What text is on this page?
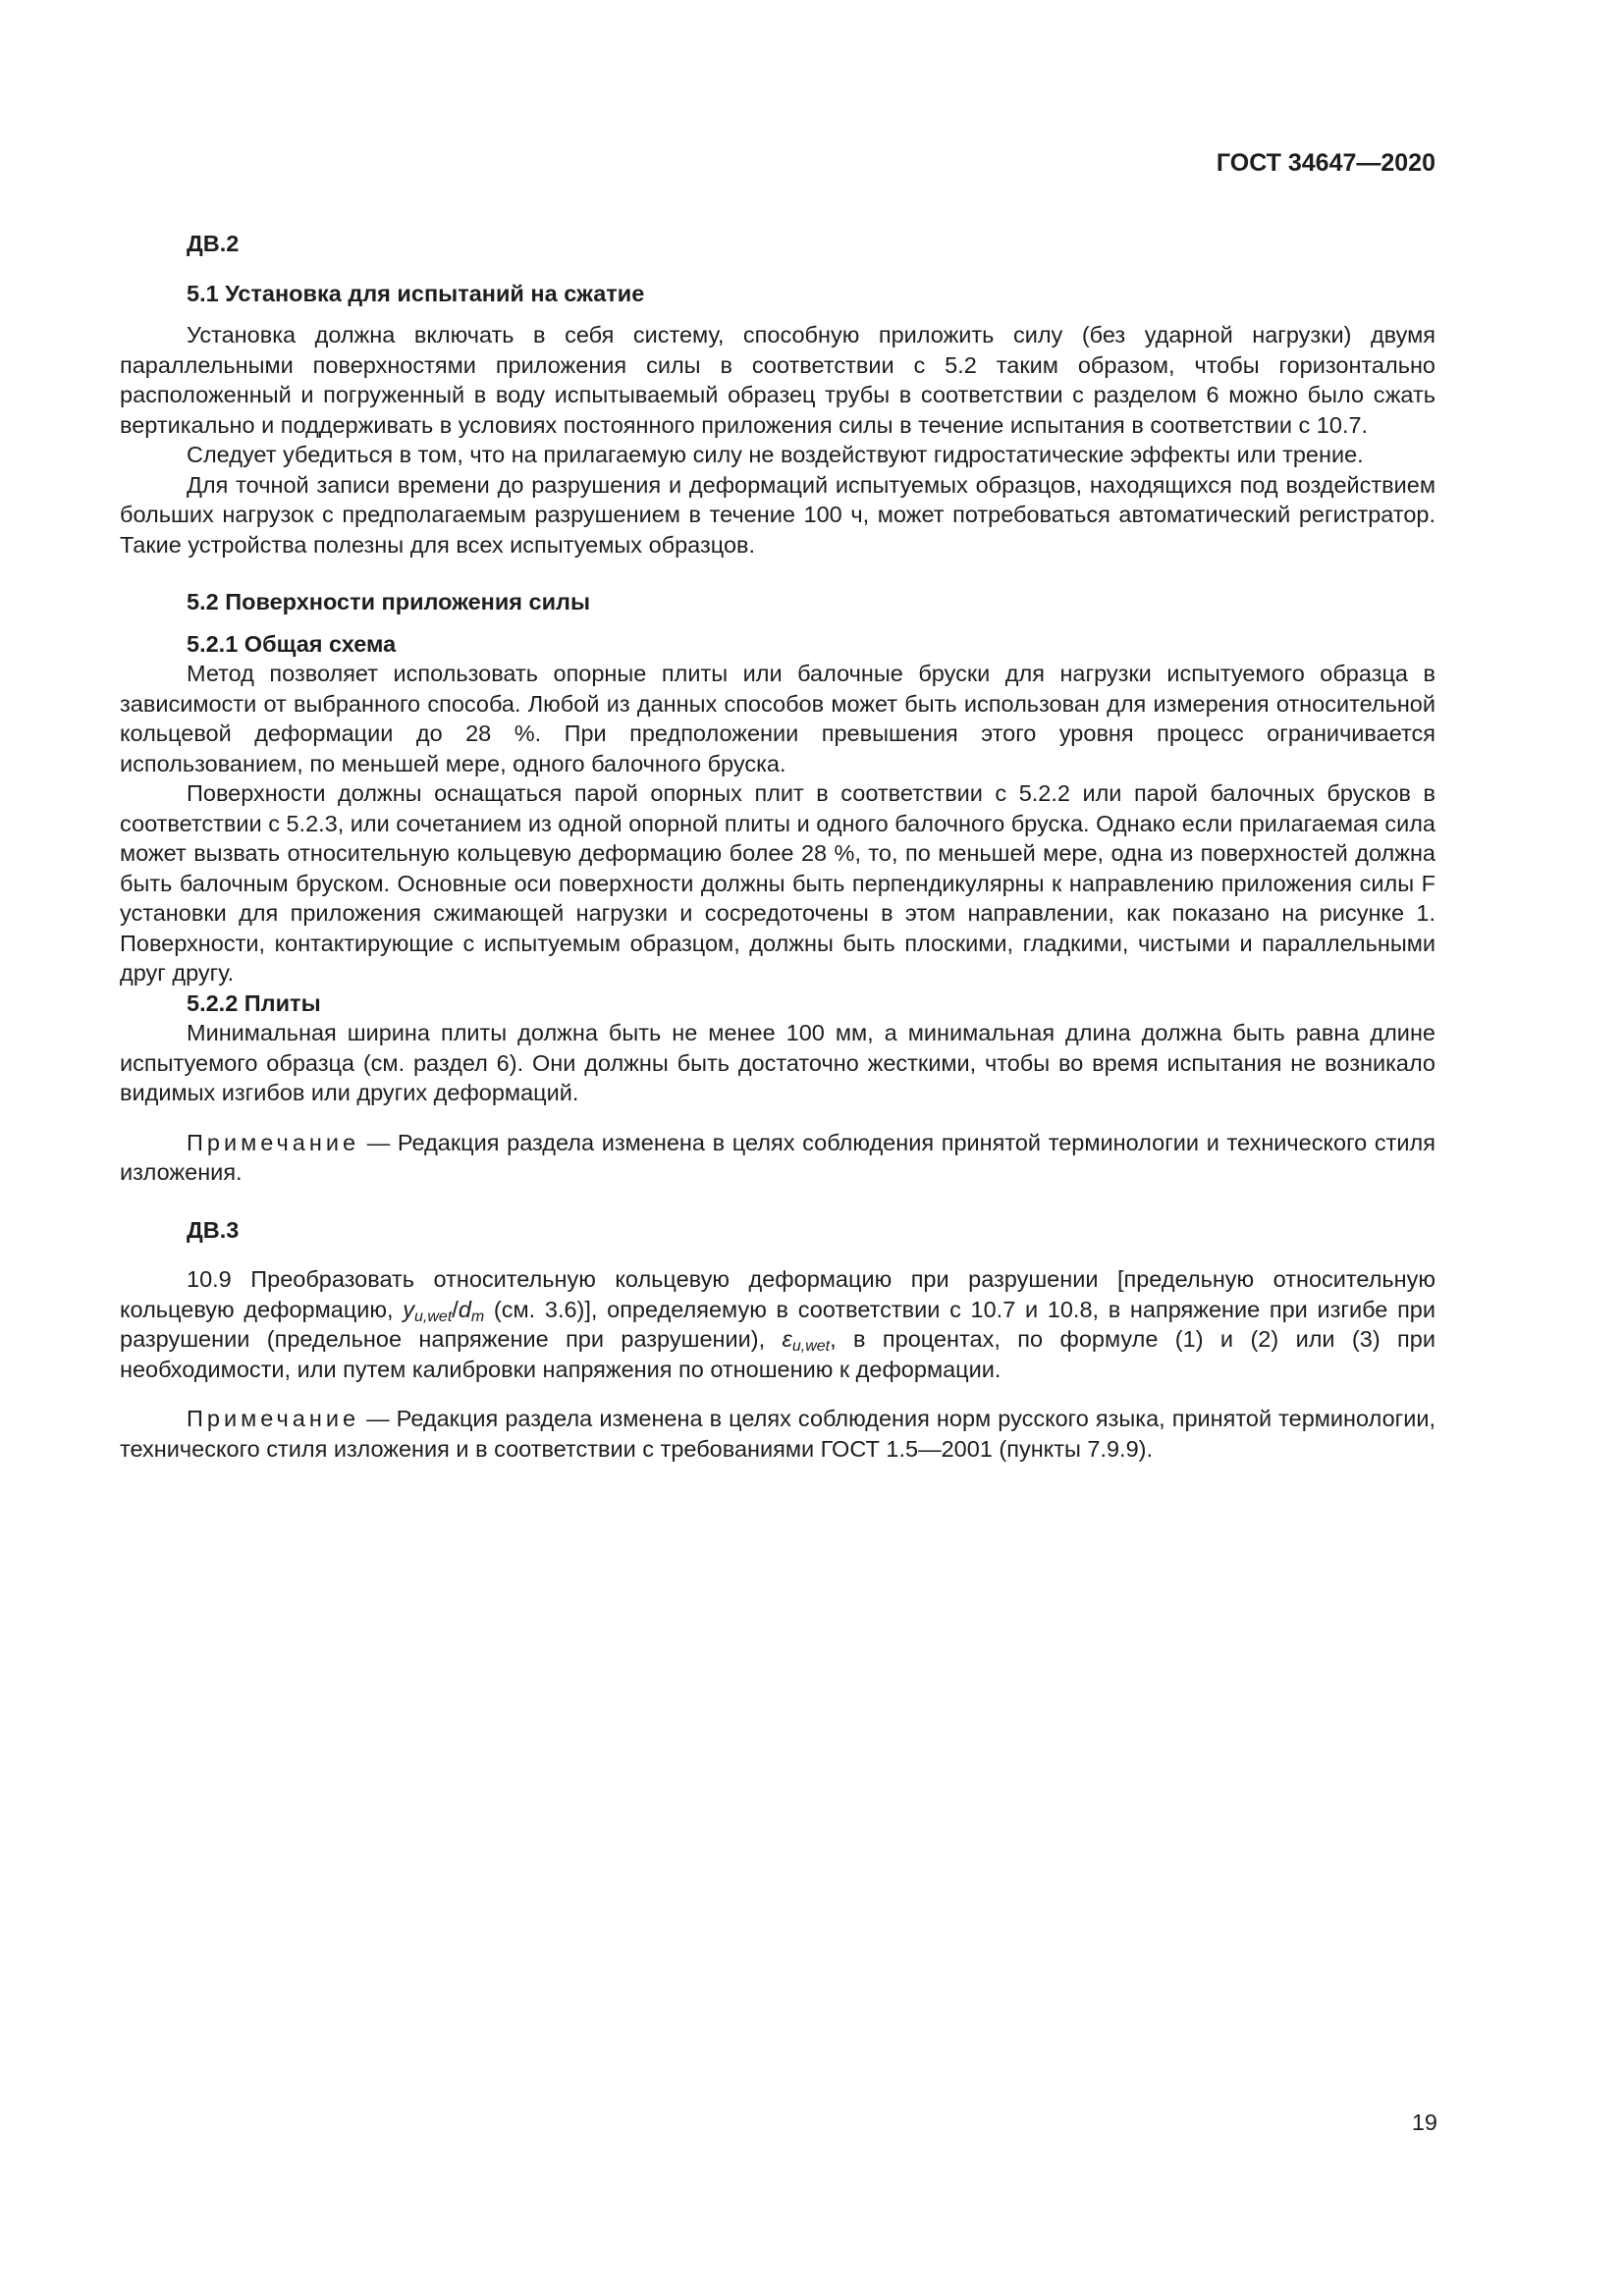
ГОСТ 34647—2020

ДВ.2

5.1 Установка для испытаний на сжатие

Установка должна включать в себя систему, способную приложить силу (без ударной нагрузки) двумя параллельными поверхностями приложения силы в соответствии с 5.2 таким образом, чтобы горизонтально расположенный и погруженный в воду испытываемый образец трубы в соответствии с разделом 6 можно было сжать вертикально и поддерживать в условиях постоянного приложения силы в течение испытания в соответствии с 10.7.

Следует убедиться в том, что на прилагаемую силу не воздействуют гидростатические эффекты или трение.

Для точной записи времени до разрушения и деформаций испытуемых образцов, находящихся под воздействием больших нагрузок с предполагаемым разрушением в течение 100 ч, может потребоваться автоматический регистратор. Такие устройства полезны для всех испытуемых образцов.

5.2 Поверхности приложения силы

5.2.1 Общая схема

Метод позволяет использовать опорные плиты или балочные бруски для нагрузки испытуемого образца в зависимости от выбранного способа. Любой из данных способов может быть использован для измерения относительной кольцевой деформации до 28 %. При предположении превышения этого уровня процесс ограничивается использованием, по меньшей мере, одного балочного бруска.

Поверхности должны оснащаться парой опорных плит в соответствии с 5.2.2 или парой балочных брусков в соответствии с 5.2.3, или сочетанием из одной опорной плиты и одного балочного бруска. Однако если прилагаемая сила может вызвать относительную кольцевую деформацию более 28 %, то, по меньшей мере, одна из поверхностей должна быть балочным бруском. Основные оси поверхности должны быть перпендикулярны к направлению приложения силы F установки для приложения сжимающей нагрузки и сосредоточены в этом направлении, как показано на рисунке 1. Поверхности, контактирующие с испытуемым образцом, должны быть плоскими, гладкими, чистыми и параллельными друг другу.

5.2.2 Плиты

Минимальная ширина плиты должна быть не менее 100 мм, а минимальная длина должна быть равна длине испытуемого образца (см. раздел 6). Они должны быть достаточно жесткими, чтобы во время испытания не возникало видимых изгибов или других деформаций.

Примечание — Редакция раздела изменена в целях соблюдения принятой терминологии и технического стиля изложения.

ДВ.3

10.9 Преобразовать относительную кольцевую деформацию при разрушении [предельную относительную кольцевую деформацию, $y_{u,wet}/d_m$ (см. 3.6)], определяемую в соответствии с 10.7 и 10.8, в напряжение при изгибе при разрушении (предельное напряжение при разрушении), $\varepsilon_{u,wet}$, в процентах, по формуле (1) и (2) или (3) при необходимости, или путем калибровки напряжения по отношению к деформации.

Примечание — Редакция раздела изменена в целях соблюдения норм русского языка, принятой терминологии, технического стиля изложения и в соответствии с требованиями ГОСТ 1.5—2001 (пункты 7.9.9).

19
